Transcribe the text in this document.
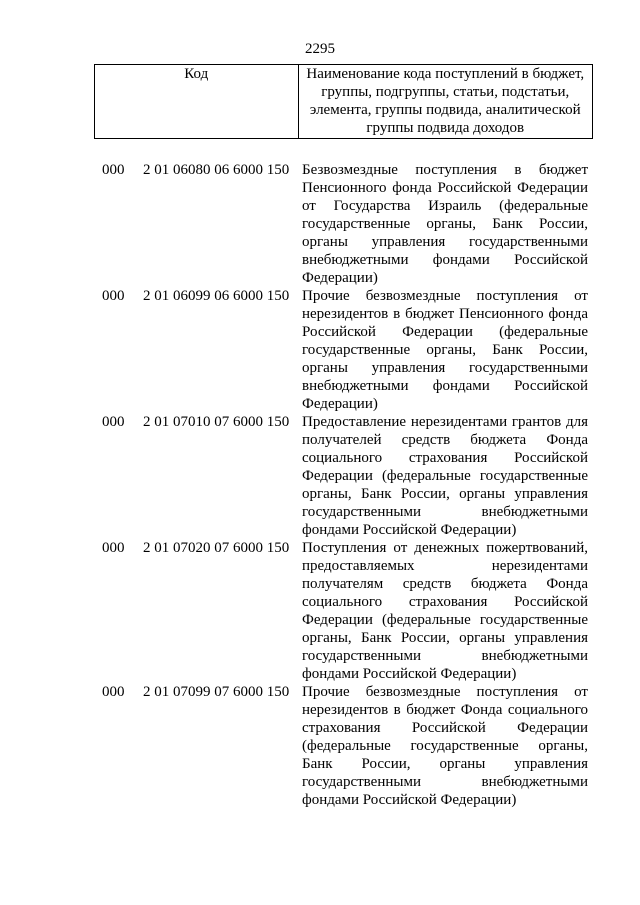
2295
Код	Наименование кода поступлений в бюджет, группы, подгруппы, статьи, подстатьи, элемента, группы подвида, аналитической группы подвида доходов
000 2 01 06080 06 6000 150 Безвозмездные поступления в бюджет Пенсионного фонда Российской Федерации от Государства Израиль (федеральные государственные органы, Банк России, органы управления государственными внебюджетными фондами Российской Федерации)
000 2 01 06099 06 6000 150 Прочие безвозмездные поступления от нерезидентов в бюджет Пенсионного фонда Российской Федерации (федеральные государственные органы, Банк России, органы управления государственными внебюджетными фондами Российской Федерации)
000 2 01 07010 07 6000 150 Предоставление нерезидентами грантов для получателей средств бюджета Фонда социального страхования Российской Федерации (федеральные государственные органы, Банк России, органы управления государственными внебюджетными фондами Российской Федерации)
000 2 01 07020 07 6000 150 Поступления от денежных пожертвований, предоставляемых нерезидентами получателям средств бюджета Фонда социального страхования Российской Федерации (федеральные государственные органы, Банк России, органы управления государственными внебюджетными фондами Российской Федерации)
000 2 01 07099 07 6000 150 Прочие безвозмездные поступления от нерезидентов в бюджет Фонда социального страхования Российской Федерации (федеральные государственные органы, Банк России, органы управления государственными внебюджетными фондами Российской Федерации)
